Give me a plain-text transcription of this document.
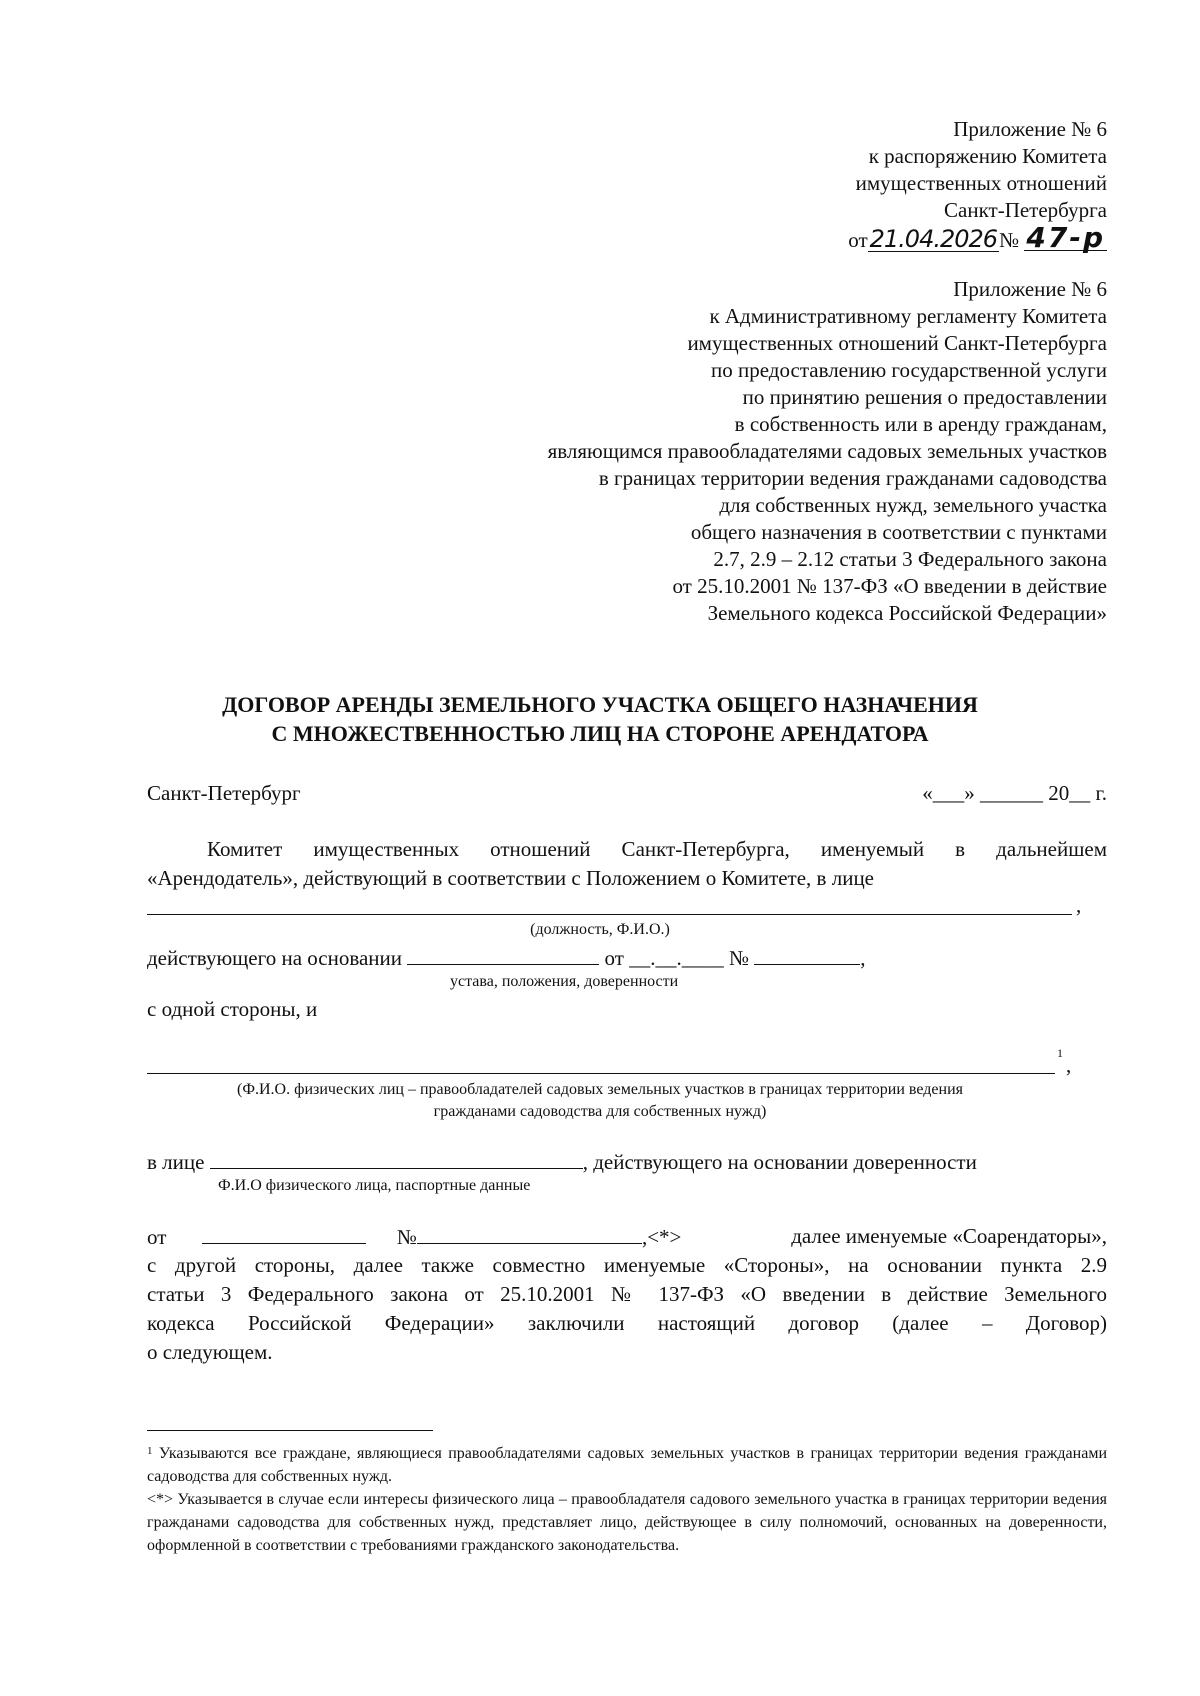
Приложение № 6
к распоряжению Комитета
имущественных отношений
Санкт-Петербурга
от21.04.2026№ 47-р
Приложение № 6
к Административному регламенту Комитета
имущественных отношений Санкт-Петербурга
по предоставлению государственной услуги
по принятию решения о предоставлении
в собственность или в аренду гражданам,
являющимся правообладателями садовых земельных участков
в границах территории ведения гражданами садоводства
для собственных нужд, земельного участка
общего назначения в соответствии с пунктами
2.7, 2.9 – 2.12 статьи 3 Федерального закона
от 25.10.2001 № 137-ФЗ «О введении в действие
Земельного кодекса Российской Федерации»
ДОГОВОР АРЕНДЫ ЗЕМЕЛЬНОГО УЧАСТКА ОБЩЕГО НАЗНАЧЕНИЯ
С МНОЖЕСТВЕННОСТЬЮ ЛИЦ НА СТОРОНЕ АРЕНДАТОРА
Санкт-Петербург	«___» ______ 20__ г.
Комитет имущественных отношений Санкт-Петербурга, именуемый в дальнейшем
«Арендодатель», действующий в соответствии с Положением о Комитете, в лице
,
(должность, Ф.И.О.)
действующего на основании	от __.__.____ №	,
устава, положения, доверенности
с одной стороны, и
1 ,
(Ф.И.О. физических лиц – правообладателей садовых земельных участков в границах территории ведения
гражданами садоводства для собственных нужд)
в лице	, действующего на основании доверенности
Ф.И.О физического лица, паспортные данные
от	№	,<*>	далее именуемые «Соарендаторы»,
с другой стороны, далее также совместно именуемые «Стороны», на основании пункта 2.9
статьи 3 Федерального закона от 25.10.2001 № 137-ФЗ «О введении в действие Земельного
кодекса Российской Федерации» заключили настоящий договор (далее – Договор)
о следующем.
$^1$ Указываются все граждане, являющиеся правообладателями садовых земельных участков в границах территории ведения гражданами садоводства для собственных нужд.
<*> Указывается в случае если интересы физического лица – правообладателя садового земельного участка в границах территории ведения гражданами садоводства для собственных нужд, представляет лицо, действующее в силу полномочий, основанных на доверенности, оформленной в соответствии с требованиями гражданского законодательства.
